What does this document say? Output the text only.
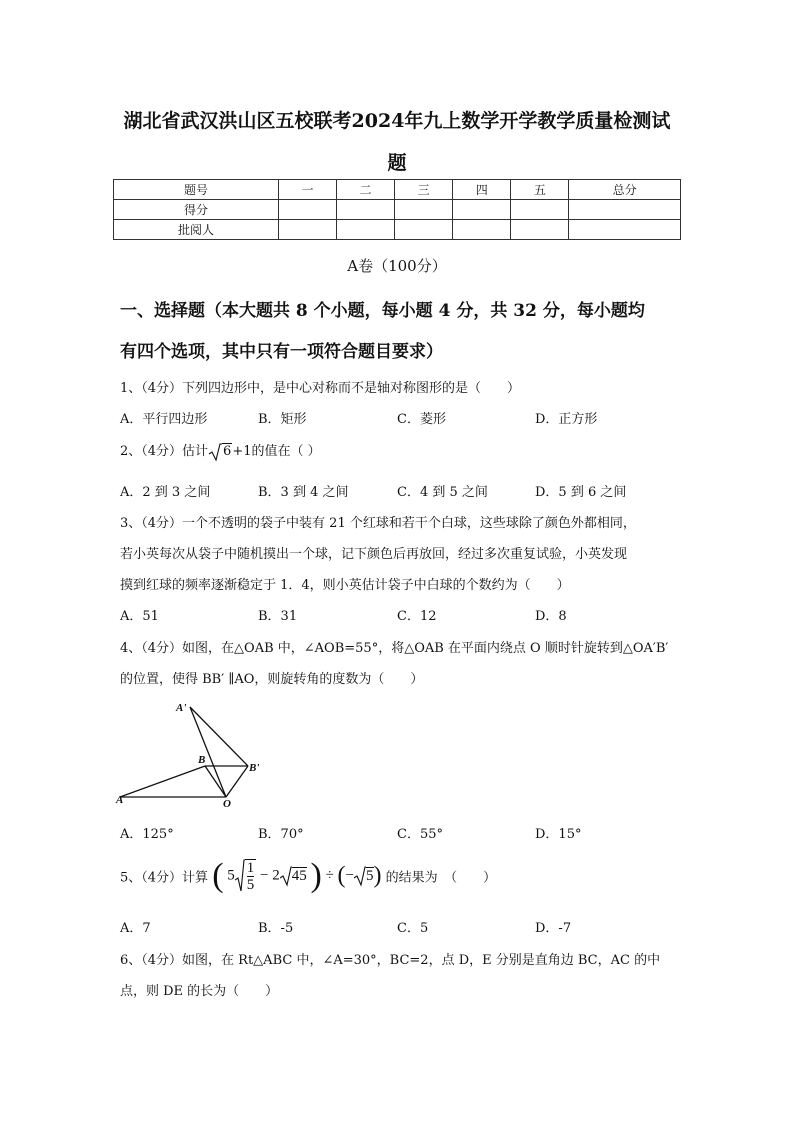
湖北省武汉洪山区五校联考2024年九上数学开学教学质量检测试
题
题号	一	二	三	四	五	总分
得分						
批阅人						
A卷（100分）
一、选择题（本大题共 8 个小题，每小题 4 分，共 32 分，每小题均
有四个选项，其中只有一项符合题目要求）
1、（4分）下列四边形中，是中心对称而不是轴对称图形的是（　　）
A．平行四边形	B．矩形	C．菱形	D．正方形
2、（4分）估计 6+1的值在（ ）
A．2 到 3 之间	B．3 到 4 之间	C．4 到 5 之间	D．5 到 6 之间
3、（4分）一个不透明的袋子中装有 21 个红球和若干个白球，这些球除了颜色外都相同，
若小英每次从袋子中随机摸出一个球，记下颜色后再放回，经过多次重复试验，小英发现
摸到红球的频率逐渐稳定于 1．4，则小英估计袋子中白球的个数约为（　　）
A．51	B．31	C．12	D．8
4、（4分）如图，在△OAB 中，∠AOB=55°，将△OAB 在平面内绕点 O 顺时针旋转到△OA′B′
的位置，使得 BB′ ∥AO，则旋转角的度数为（　　）
A'
B
B'
A	O
A．125°	B．70°	C．55°	D．15°
5、（4分）计算 ( $5 \frac{1}{5} - 2$ 45 ) ÷ (− 5) 的结果为　（　　）
A．7	B．-5	C．5	D．-7
6、（4分）如图，在 Rt△ABC 中，∠A=30°，BC=2，点 D，E 分别是直角边 BC，AC 的中
点，则 DE 的长为（　　）
